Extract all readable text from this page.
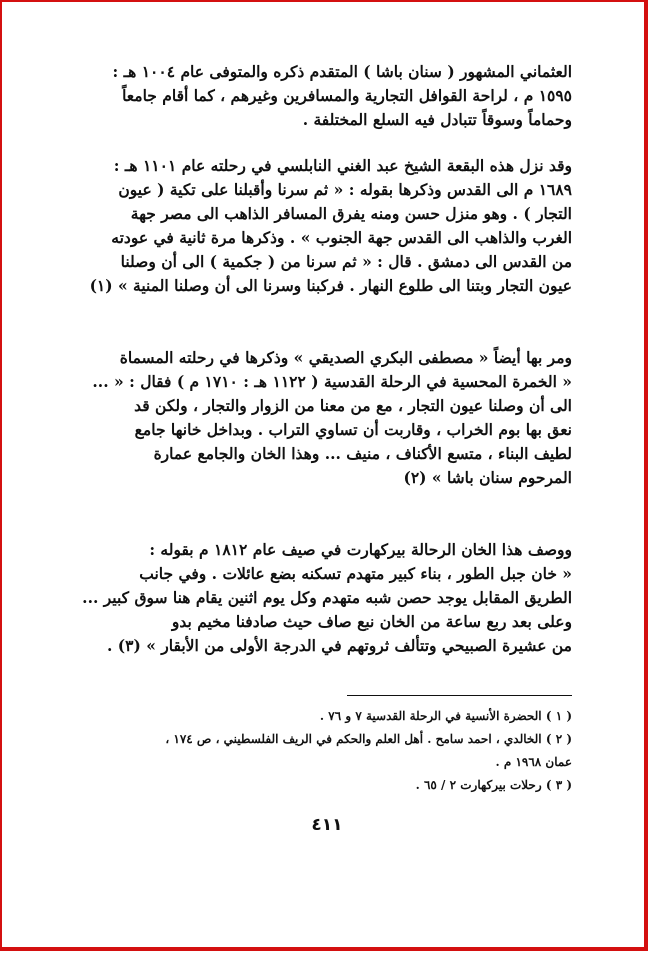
العثماني المشهور ( سنان باشا ) المتقدم ذكره والمتوفى عام ١٠٠٤ هـ :
١٥٩٥ م ، لراحة القوافل التجارية والمسافرين وغيرهم ، كما أقام جامعاً
وحماماً وسوقاً تتبادل فيه السلع المختلفة .
وقد نزل هذه البقعة الشيخ عبد الغني النابلسي في رحلته عام ١١٠١ هـ :
١٦٨٩ م الى القدس وذكرها بقوله : « ثم سرنا وأقبلنا على تكية ( عيون
التجار ) . وهو منزل حسن ومنه يفرق المسافر الذاهب الى مصر جهة
الغرب والذاهب الى القدس جهة الجنوب » . وذكرها مرة ثانية في عودته
من القدس الى دمشق . قال : « ثم سرنا من ( جكمية ) الى أن وصلنا
عيون التجار وبتنا الى طلوع النهار . فركبنا وسرنا الى أن وصلنا المنية » (١)
ومر بها أيضاً « مصطفى البكري الصديقي » وذكرها في رحلته المسماة
« الخمرة المحسية في الرحلة القدسية ( ١١٢٢ هـ : ١٧١٠ م ) فقال : « ...
الى أن وصلنا عيون التجار ، مع من معنا من الزوار والتجار ، ولكن قد
نعق بها بوم الخراب ، وقاربت أن تساوي التراب . وبداخل خانها جامع
لطيف البناء ، متسع الأكناف ، منيف ... وهذا الخان والجامع عمارة
المرحوم سنان باشا » (٢)
ووصف هذا الخان الرحالة بيركهارت في صيف عام ١٨١٢ م بقوله :
« خان جبل الطور ، بناء كبير متهدم تسكنه بضع عائلات . وفي جانب
الطريق المقابل يوجد حصن شبه متهدم وكل يوم اثنين يقام هنا سوق كبير ...
وعلى بعد ربع ساعة من الخان نبع صاف حيث صادفنا مخيم بدو
من عشيرة الصبيحي وتتألف ثروتهم في الدرجة الأولى من الأبقار » (٣) .
( ١ ) الحضرة الأنسية في الرحلة القدسية ٧ و ٧٦ .
( ٢ ) الخالدي ، احمد سامح . أهل العلم والحكم في الريف الفلسطيني ، ص ١٧٤ ،
عمان ١٩٦٨ م .
( ٣ ) رحلات بيركهارت ٢ / ٦٥ .
٤١١
